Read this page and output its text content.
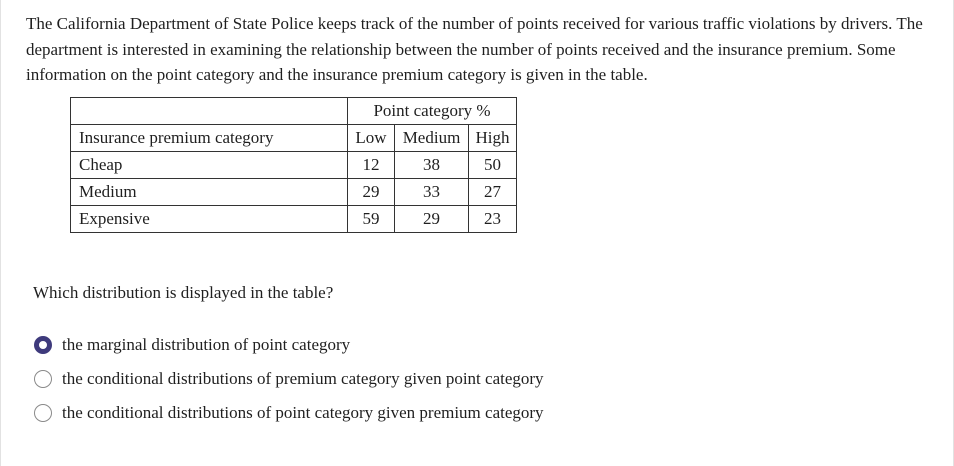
The California Department of State Police keeps track of the number of points received for various traffic violations by drivers. The department is interested in examining the relationship between the number of points received and the insurance premium. Some information on the point category and the insurance premium category is given in the table.

	Point category %		
Insurance premium category	Low	Medium	High
Cheap	12	38	50
Medium	29	33	27
Expensive	59	29	23

Which distribution is displayed in the table?

the marginal distribution of point category
the conditional distributions of premium category given point category
the conditional distributions of point category given premium category
